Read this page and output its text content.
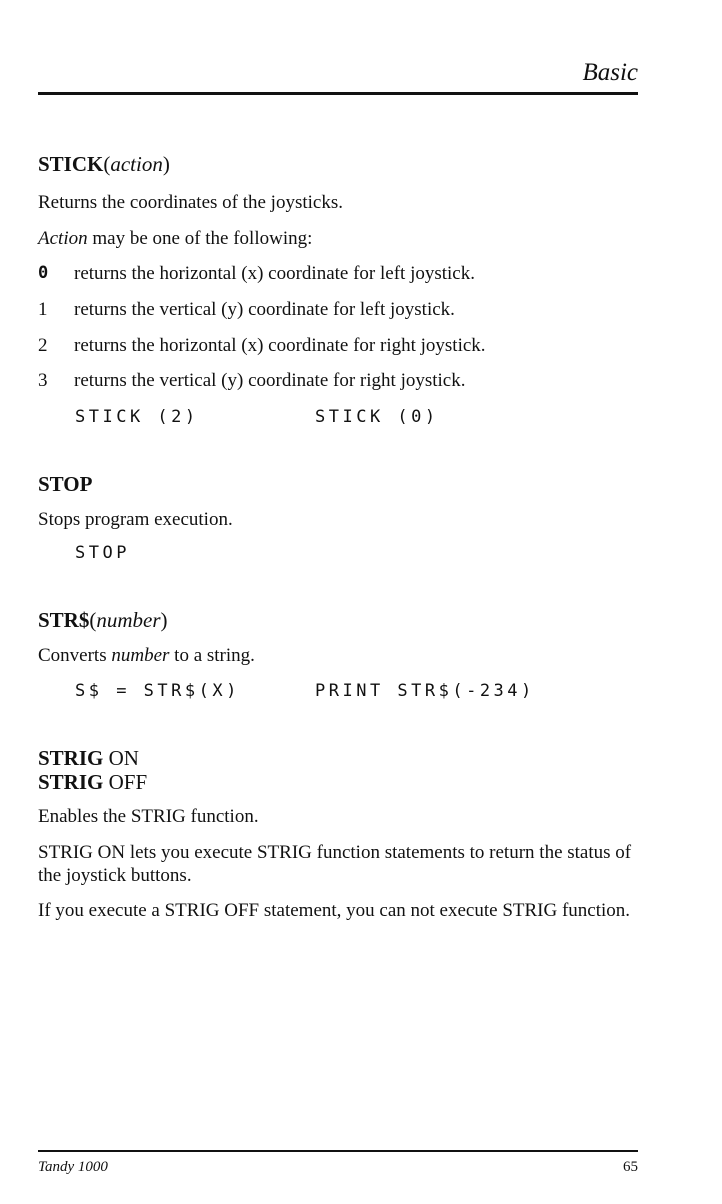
Basic

STICK(action)

Returns the coordinates of the joysticks.

Action may be one of the following:

0	returns the horizontal (x) coordinate for left joystick.
1	returns the vertical (y) coordinate for left joystick.
2	returns the horizontal (x) coordinate for right joystick.
3	returns the vertical (y) coordinate for right joystick.
STICK (2)	STICK (0)

STOP

Stops program execution.

STOP

STR$(number)

Converts number to a string.

S$ = STR$(X)	PRINT STR$(-234)

STRIG ON

STRIG OFF

Enables the STRIG function.

STRIG ON lets you execute STRIG function statements to return the status of the joystick buttons.

If you execute a STRIG OFF statement, you can not execute STRIG function.

Tandy 1000	65
